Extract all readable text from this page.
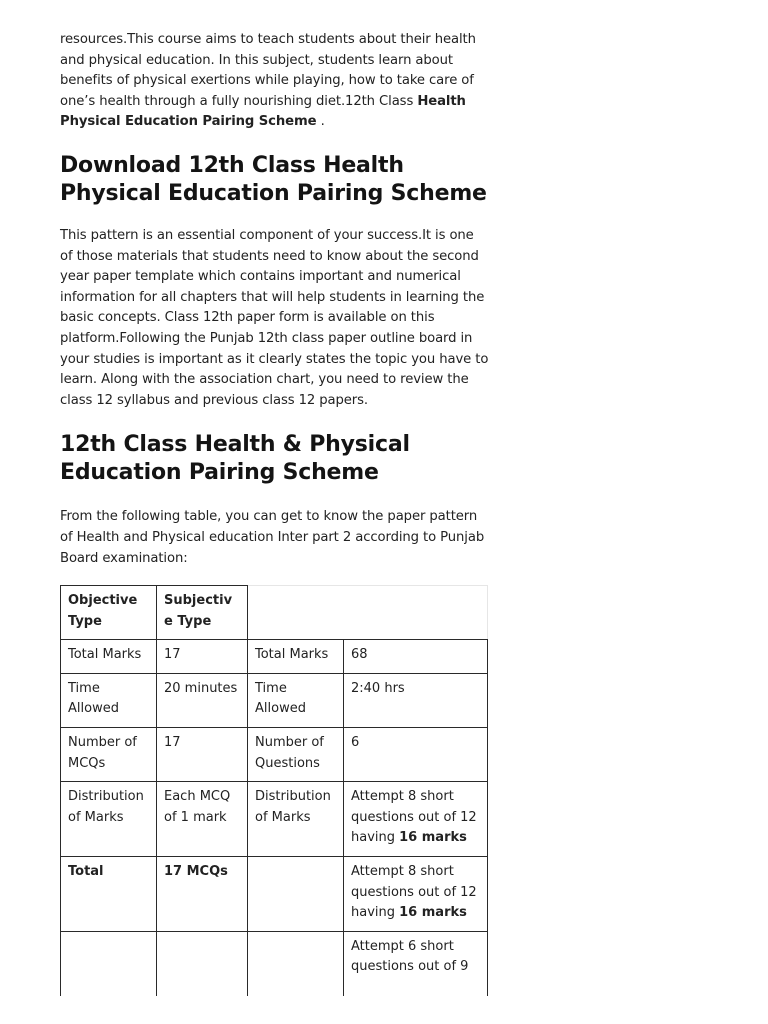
resources.This course aims to teach students about their health and physical education. In this subject, students learn about benefits of physical exertions while playing, how to take care of one’s health through a fully nourishing diet.12th Class Health Physical Education Pairing Scheme .

Download 12th Class Health Physical Education Pairing Scheme

This pattern is an essential component of your success.It is one of those materials that students need to know about the second year paper template which contains important and numerical information for all chapters that will help students in learning the basic concepts. Class 12th paper form is available on this platform.Following the Punjab 12th class paper outline board in your studies is important as it clearly states the topic you have to learn. Along with the association chart, you need to review the class 12 syllabus and previous class 12 papers.

12th Class Health & Physical Education Pairing Scheme

From the following table, you can get to know the paper pattern of Health and Physical education Inter part 2 according to Punjab Board examination:

Objective Type	Subjective Type		
Total Marks	17	Total Marks	68
Time Allowed	20 minutes	Time Allowed	2:40 hrs
Number of MCQs	17	Number of Questions	6
Distribution of Marks	Each MCQ of 1 mark	Distribution of Marks	Attempt 8 short questions out of 12 having 16 marks
Total	17 MCQs		Attempt 8 short questions out of 12 having 16 marks
			Attempt 6 short questions out of 9
